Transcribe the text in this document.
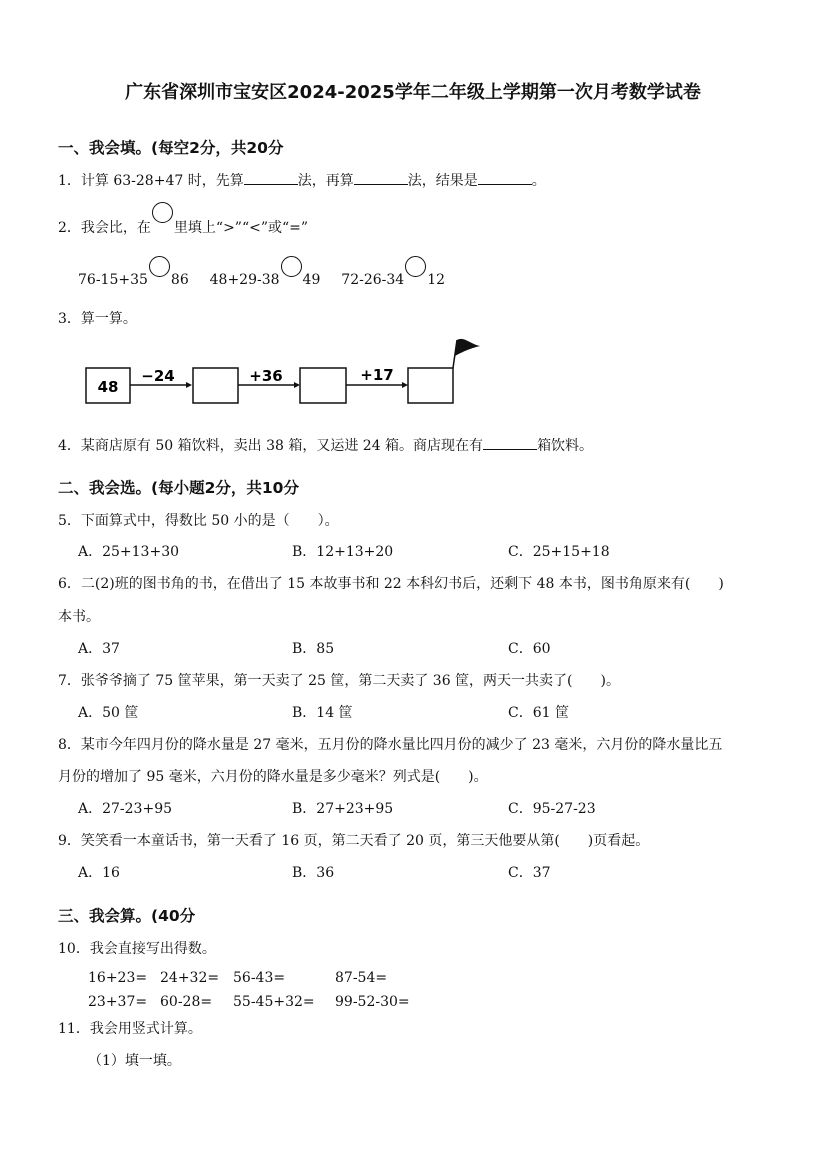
广东省深圳市宝安区2024-2025学年二年级上学期第一次月考数学试卷
一、我会填。(每空2分，共20分
1．计算 63-28+47 时，先算	法，再算	法，结果是	。
2．我会比，在 里填上“>”“<”或“=”
76-15+35 86 48+29-38 49 72-26-34 12
3．算一算。
48
−24	+36	+17
4．某商店原有 50 箱饮料，卖出 38 箱，又运进 24 箱。商店现在有	箱饮料。
二、我会选。(每小题2分，共10分
5．下面算式中，得数比 50 小的是（　　）。
A．25+13+30	B．12+13+20	C．25+15+18
6．二(2)班的图书角的书，在借出了 15 本故事书和 22 本科幻书后，还剩下 48 本书，图书角原来有(　　)
本书。
A．37	B．85	C．60
7．张爷爷摘了 75 筐苹果，第一天卖了 25 筐，第二天卖了 36 筐，两天一共卖了(　　)。
A．50 筐	B．14 筐	C．61 筐
8．某市今年四月份的降水量是 27 毫米，五月份的降水量比四月份的减少了 23 毫米，六月份的降水量比五
月份的增加了 95 毫米，六月份的降水量是多少毫米？列式是(　　)。
A．27-23+95	B．27+23+95	C．95-27-23
9．笑笑看一本童话书，第一天看了 16 页，第二天看了 20 页，第三天他要从第(　　)页看起。
A．16	B．36	C．37
三、我会算。(40分
10．我会直接写出得数。
16+23= 24+32= 56-43=	87-54=
23+37= 60-28= 55-45+32= 99-52-30=
11．我会用竖式计算。
（1）填一填。
